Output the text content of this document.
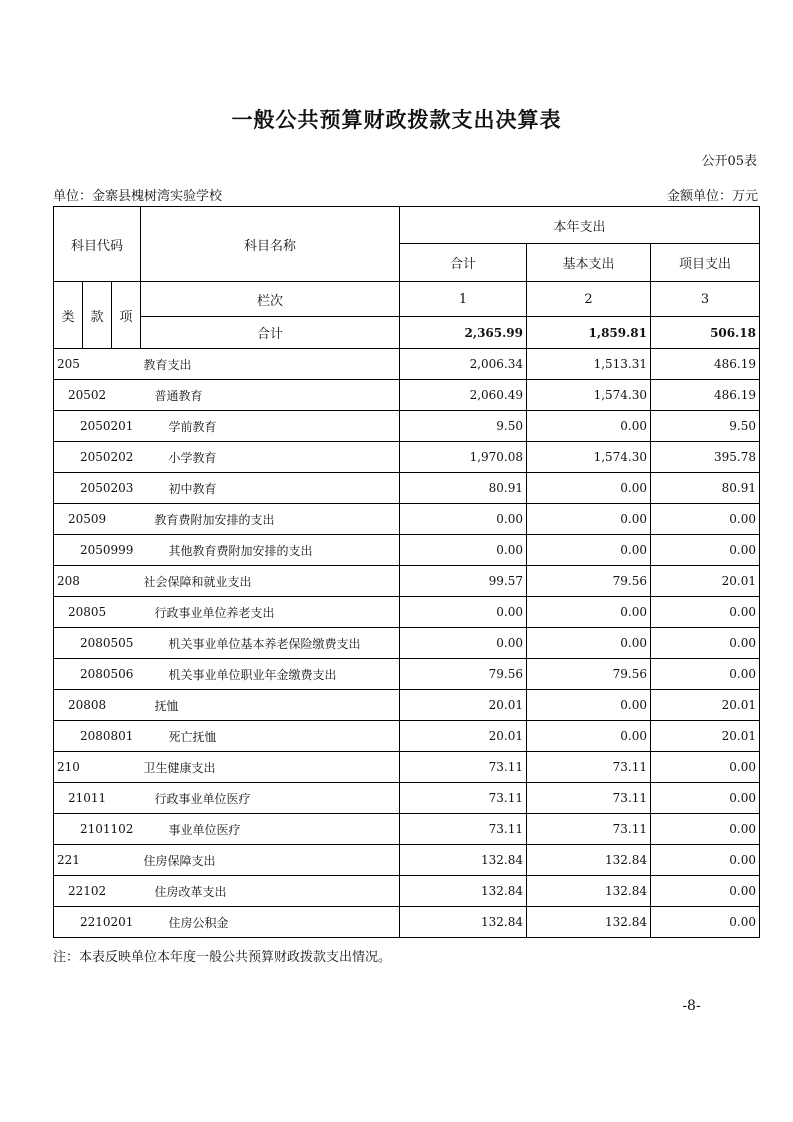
一般公共预算财政拨款支出决算表
公开05表
单位：金寨县槐树湾实验学校	金额单位：万元
科目代码			科目名称	本年支出		
				合计	基本支出	项目支出
类	款	项	栏次	1	2	3
			合计	2,365.99	1,859.81	506.18
205			教育支出	2,006.34	1,513.31	486.19
20502			普通教育	2,060.49	1,574.30	486.19
2050201			学前教育	9.50	0.00	9.50
2050202			小学教育	1,970.08	1,574.30	395.78
2050203			初中教育	80.91	0.00	80.91
20509			教育费附加安排的支出	0.00	0.00	0.00
2050999			其他教育费附加安排的支出	0.00	0.00	0.00
208			社会保障和就业支出	99.57	79.56	20.01
20805			行政事业单位养老支出	0.00	0.00	0.00
2080505			机关事业单位基本养老保险缴费支出	0.00	0.00	0.00
2080506			机关事业单位职业年金缴费支出	79.56	79.56	0.00
20808			抚恤	20.01	0.00	20.01
2080801			死亡抚恤	20.01	0.00	20.01
210			卫生健康支出	73.11	73.11	0.00
21011			行政事业单位医疗	73.11	73.11	0.00
2101102			事业单位医疗	73.11	73.11	0.00
221			住房保障支出	132.84	132.84	0.00
22102			住房改革支出	132.84	132.84	0.00
2210201			住房公积金	132.84	132.84	0.00
注：本表反映单位本年度一般公共预算财政拨款支出情况。
-8-
